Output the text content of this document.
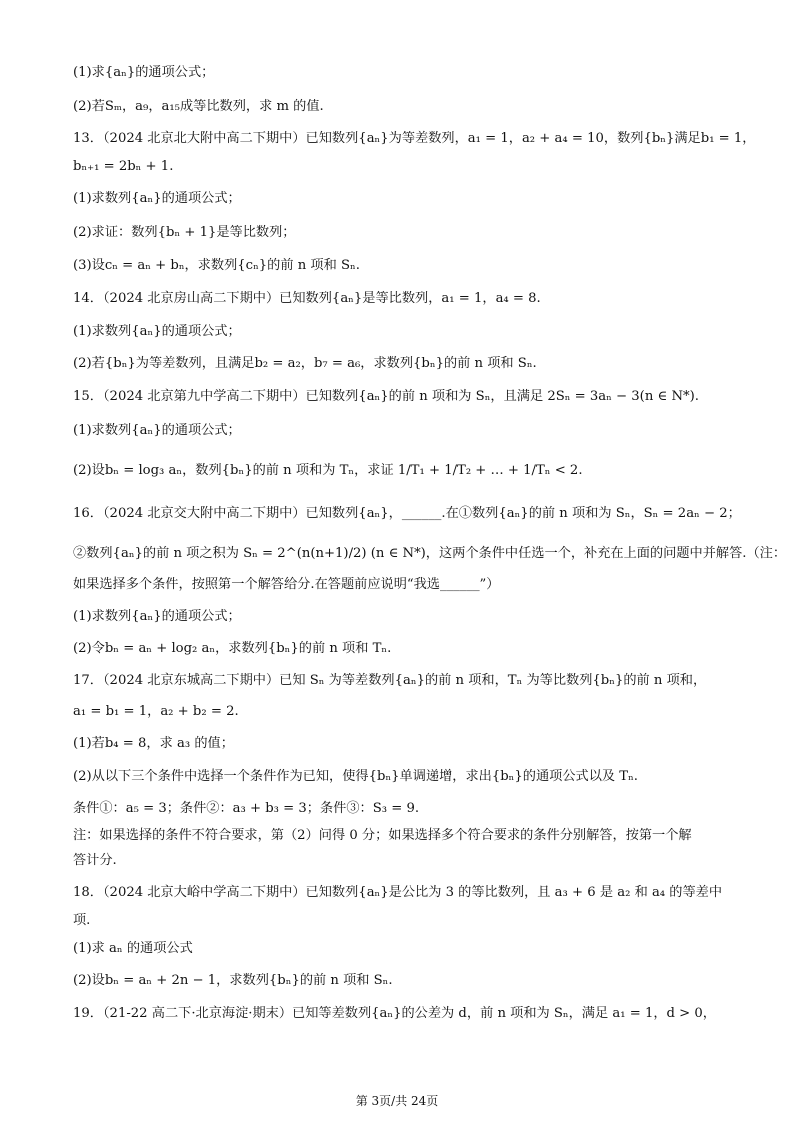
(1)求{aₙ}的通项公式；
(2)若Sₘ，a₉，a₁₅成等比数列，求 m 的值.
13．（2024 北京北大附中高二下期中）已知数列{aₙ}为等差数列，a₁ = 1，a₂ + a₄ = 10，数列{bₙ}满足b₁ = 1，
bₙ₊₁ = 2bₙ + 1.
(1)求数列{aₙ}的通项公式；
(2)求证：数列{bₙ + 1}是等比数列；
(3)设cₙ = aₙ + bₙ，求数列{cₙ}的前 n 项和 Sₙ.
14．（2024 北京房山高二下期中）已知数列{aₙ}是等比数列，a₁ = 1，a₄ = 8.
(1)求数列{aₙ}的通项公式；
(2)若{bₙ}为等差数列，且满足b₂ = a₂，b₇ = a₆，求数列{bₙ}的前 n 项和 Sₙ.
15．（2024 北京第九中学高二下期中）已知数列{aₙ}的前 n 项和为 Sₙ，且满足 2Sₙ = 3aₙ − 3(n ∈ N*).
(1)求数列{aₙ}的通项公式；
(2)设bₙ = log₃ aₙ，数列{bₙ}的前 n 项和为 Tₙ，求证 1/T₁ + 1/T₂ + … + 1/Tₙ < 2.
16．（2024 北京交大附中高二下期中）已知数列{aₙ}，______.在①数列{aₙ}的前 n 项和为 Sₙ，Sₙ = 2aₙ − 2；
②数列{aₙ}的前 n 项之积为 Sₙ = 2^(n(n+1)/2) (n ∈ N*)，这两个条件中任选一个，补充在上面的问题中并解答.（注：
如果选择多个条件，按照第一个解答给分.在答题前应说明“我选______”）
(1)求数列{aₙ}的通项公式；
(2)令bₙ = aₙ + log₂ aₙ，求数列{bₙ}的前 n 项和 Tₙ.
17．（2024 北京东城高二下期中）已知 Sₙ 为等差数列{aₙ}的前 n 项和，Tₙ 为等比数列{bₙ}的前 n 项和，
a₁ = b₁ = 1，a₂ + b₂ = 2.
(1)若b₄ = 8，求 a₃ 的值；
(2)从以下三个条件中选择一个条件作为已知，使得{bₙ}单调递增，求出{bₙ}的通项公式以及 Tₙ.
条件①：a₅ = 3；条件②：a₃ + b₃ = 3；条件③：S₃ = 9.
注：如果选择的条件不符合要求，第（2）问得 0 分；如果选择多个符合要求的条件分别解答，按第一个解
答计分.
18．（2024 北京大峪中学高二下期中）已知数列{aₙ}是公比为 3 的等比数列，且 a₃ + 6 是 a₂ 和 a₄ 的等差中
项.
(1)求 aₙ 的通项公式
(2)设bₙ = aₙ + 2n − 1，求数列{bₙ}的前 n 项和 Sₙ.
19．（21-22 高二下·北京海淀·期末）已知等差数列{aₙ}的公差为 d，前 n 项和为 Sₙ，满足 a₁ = 1，d > 0，
第 3页/共 24页
